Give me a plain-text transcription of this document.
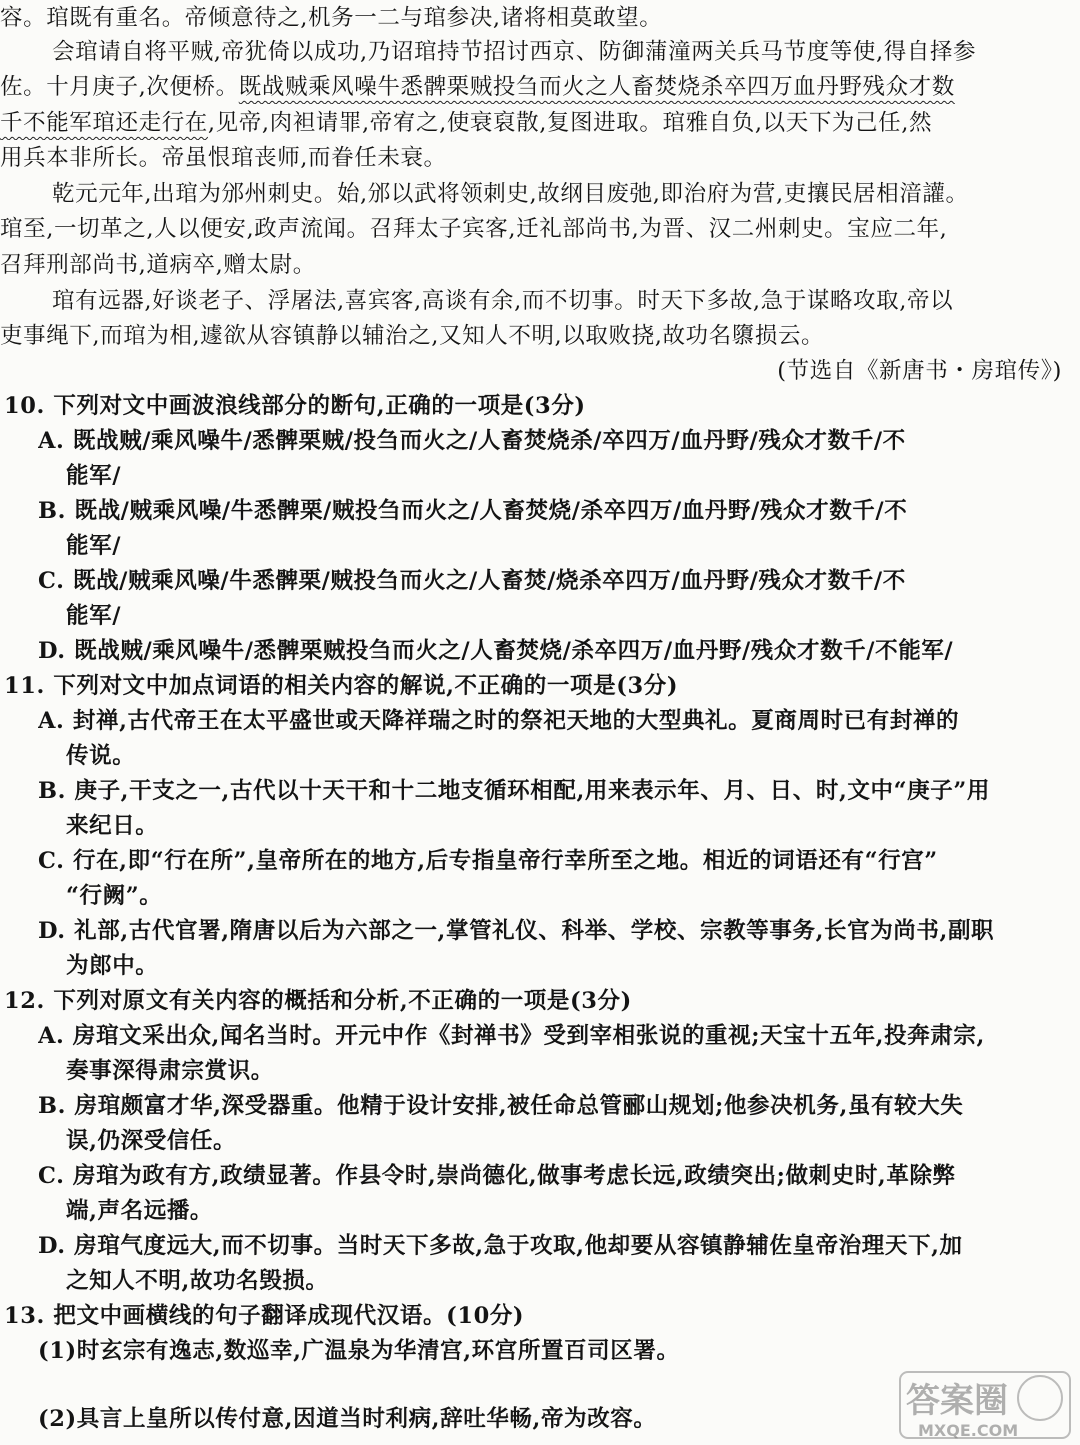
容。琯既有重名。帝倾意待之,机务一二与琯参决,诸将相莫敢望。
会琯请自将平贼,帝犹倚以成功,乃诏琯持节招讨西京、防御蒲潼两关兵马节度等使,得自择参
佐。十月庚子,次便桥。既战贼乘风噪牛悉髀栗贼投刍而火之人畜焚烧杀卒四万血丹野残众才数
千不能军琯还走行在,见帝,肉袒请罪,帝宥之,使衰裒散,复图进取。琯雅自负,以天下为己任,然
用兵本非所长。帝虽恨琯丧师,而眷任未衰。
乾元元年,出琯为邠州刺史。始,邠以武将领刺史,故纲目废弛,即治府为营,吏攘民居相湆讙。
琯至,一切革之,人以便安,政声流闻。召拜太子宾客,迁礼部尚书,为晋、汉二州刺史。宝应二年,
召拜刑部尚书,道病卒,赠太尉。
琯有远器,好谈老子、浮屠法,喜宾客,高谈有余,而不切事。时天下多故,急于谋略攻取,帝以
吏事绳下,而琯为相,遽欲从容镇静以辅治之,又知人不明,以取败挠,故功名隳损云。
(节选自《新唐书・房琯传》)
10. 下列对文中画波浪线部分的断句,正确的一项是(3分)
A. 既战贼/乘风噪牛/悉髀栗贼/投刍而火之/人畜焚烧杀/卒四万/血丹野/残众才数千/不
能军/
B. 既战/贼乘风噪/牛悉髀栗/贼投刍而火之/人畜焚烧/杀卒四万/血丹野/残众才数千/不
能军/
C. 既战/贼乘风噪/牛悉髀栗/贼投刍而火之/人畜焚/烧杀卒四万/血丹野/残众才数千/不
能军/
D. 既战贼/乘风噪牛/悉髀栗贼投刍而火之/人畜焚烧/杀卒四万/血丹野/残众才数千/不能军/
11. 下列对文中加点词语的相关内容的解说,不正确的一项是(3分)
A. 封禅,古代帝王在太平盛世或天降祥瑞之时的祭祀天地的大型典礼。夏商周时已有封禅的
传说。
B. 庚子,干支之一,古代以十天干和十二地支循环相配,用来表示年、月、日、时,文中“庚子”用
来纪日。
C. 行在,即“行在所”,皇帝所在的地方,后专指皇帝行幸所至之地。相近的词语还有“行宫”
“行阙”。
D. 礼部,古代官署,隋唐以后为六部之一,掌管礼仪、科举、学校、宗教等事务,长官为尚书,副职
为郎中。
12. 下列对原文有关内容的概括和分析,不正确的一项是(3分)
A. 房琯文采出众,闻名当时。开元中作《封禅书》受到宰相张说的重视;天宝十五年,投奔肃宗,
奏事深得肃宗赏识。
B. 房琯颇富才华,深受器重。他精于设计安排,被任命总管郦山规划;他参决机务,虽有较大失
误,仍深受信任。
C. 房琯为政有方,政绩显著。作县令时,崇尚德化,做事考虑长远,政绩突出;做刺史时,革除弊
端,声名远播。
D. 房琯气度远大,而不切事。当时天下多故,急于攻取,他却要从容镇静辅佐皇帝治理天下,加
之知人不明,故功名毁损。
13. 把文中画横线的句子翻译成现代汉语。(10分)
(1)时玄宗有逸志,数巡幸,广温泉为华清宫,环宫所置百司区署。
(2)具言上皇所以传付意,因道当时利病,辞吐华畅,帝为改容。	答案圈
MXQE.COM
